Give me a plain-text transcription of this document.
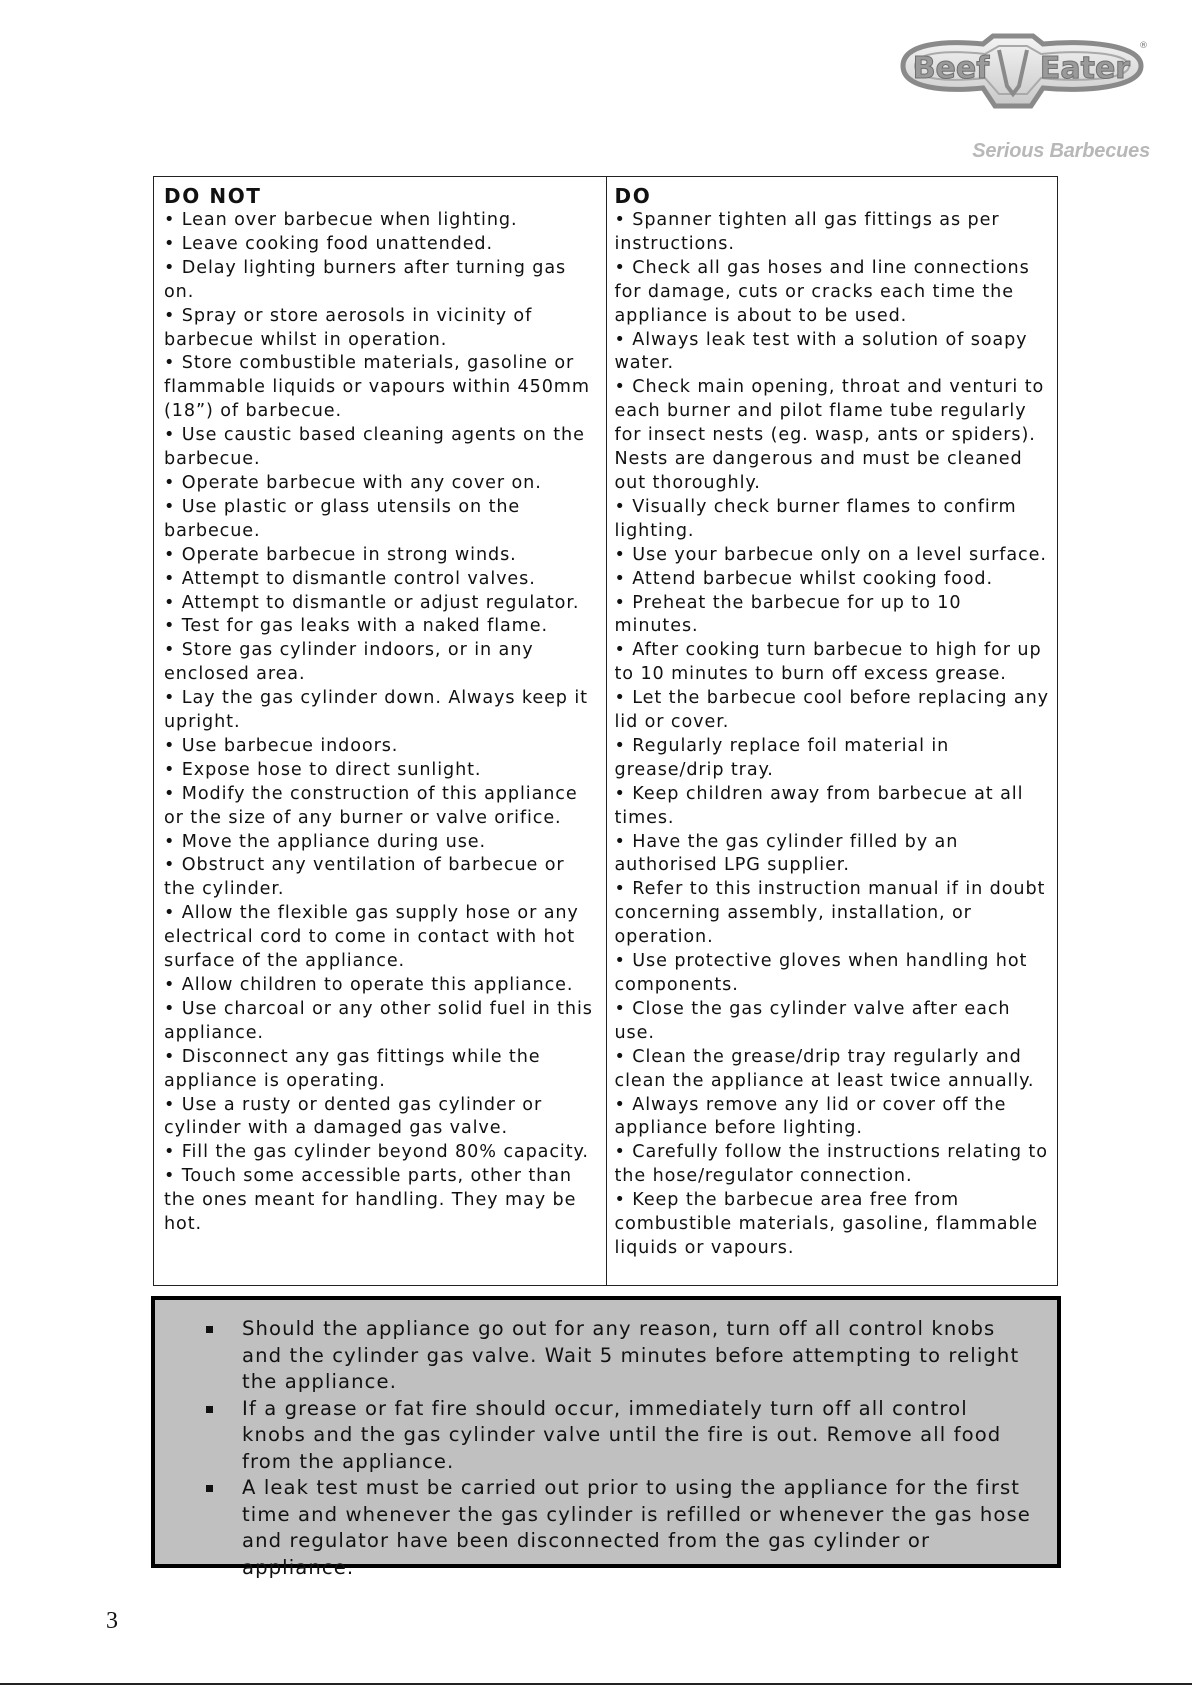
Beef Eater
®
Serious Barbecues
DO NOT
• Lean over barbecue when lighting.
• Leave cooking food unattended.
• Delay lighting burners after turning gas on.
• Spray or store aerosols in vicinity of barbecue whilst in operation.
• Store combustible materials, gasoline or flammable liquids or vapours within 450mm (18”) of barbecue.
• Use caustic based cleaning agents on the barbecue.
• Operate barbecue with any cover on.
• Use plastic or glass utensils on the barbecue.
• Operate barbecue in strong winds.
• Attempt to dismantle control valves.
• Attempt to dismantle or adjust regulator.
• Test for gas leaks with a naked flame.
• Store gas cylinder indoors, or in any enclosed area.
• Lay the gas cylinder down. Always keep it upright.
• Use barbecue indoors.
• Expose hose to direct sunlight.
• Modify the construction of this appliance or the size of any burner or valve orifice.
• Move the appliance during use.
• Obstruct any ventilation of barbecue or the cylinder.
• Allow the flexible gas supply hose or any electrical cord to come in contact with hot surface of the appliance.
• Allow children to operate this appliance.
• Use charcoal or any other solid fuel in this appliance.
• Disconnect any gas fittings while the appliance is operating.
• Use a rusty or dented gas cylinder or cylinder with a damaged gas valve.
• Fill the gas cylinder beyond 80% capacity.
• Touch some accessible parts, other than the ones meant for handling. They may be hot.
DO
• Spanner tighten all gas fittings as per instructions.
• Check all gas hoses and line connections for damage, cuts or cracks each time the appliance is about to be used.
• Always leak test with a solution of soapy water.
• Check main opening, throat and venturi to each burner and pilot flame tube regularly for insect nests (eg. wasp, ants or spiders). Nests are dangerous and must be cleaned out thoroughly.
• Visually check burner flames to confirm lighting.
• Use your barbecue only on a level surface.
• Attend barbecue whilst cooking food.
• Preheat the barbecue for up to 10 minutes.
• After cooking turn barbecue to high for up to 10 minutes to burn off excess grease.
• Let the barbecue cool before replacing any lid or cover.
• Regularly replace foil material in grease/drip tray.
• Keep children away from barbecue at all times.
• Have the gas cylinder filled by an authorised LPG supplier.
• Refer to this instruction manual if in doubt concerning assembly, installation, or operation.
• Use protective gloves when handling hot components.
• Close the gas cylinder valve after each use.
• Clean the grease/drip tray regularly and clean the appliance at least twice annually.
• Always remove any lid or cover off the appliance before lighting.
• Carefully follow the instructions relating to the hose/regulator connection.
• Keep the barbecue area free from combustible materials, gasoline, flammable liquids or vapours.
Should the appliance go out for any reason, turn off all control knobs and the cylinder gas valve. Wait 5 minutes before attempting to relight the appliance.
If a grease or fat fire should occur, immediately turn off all control knobs and the gas cylinder valve until the fire is out. Remove all food from the appliance.
A leak test must be carried out prior to using the appliance for the first time and whenever the gas cylinder is refilled or whenever the gas hose and regulator have been disconnected from the gas cylinder or appliance.
3
